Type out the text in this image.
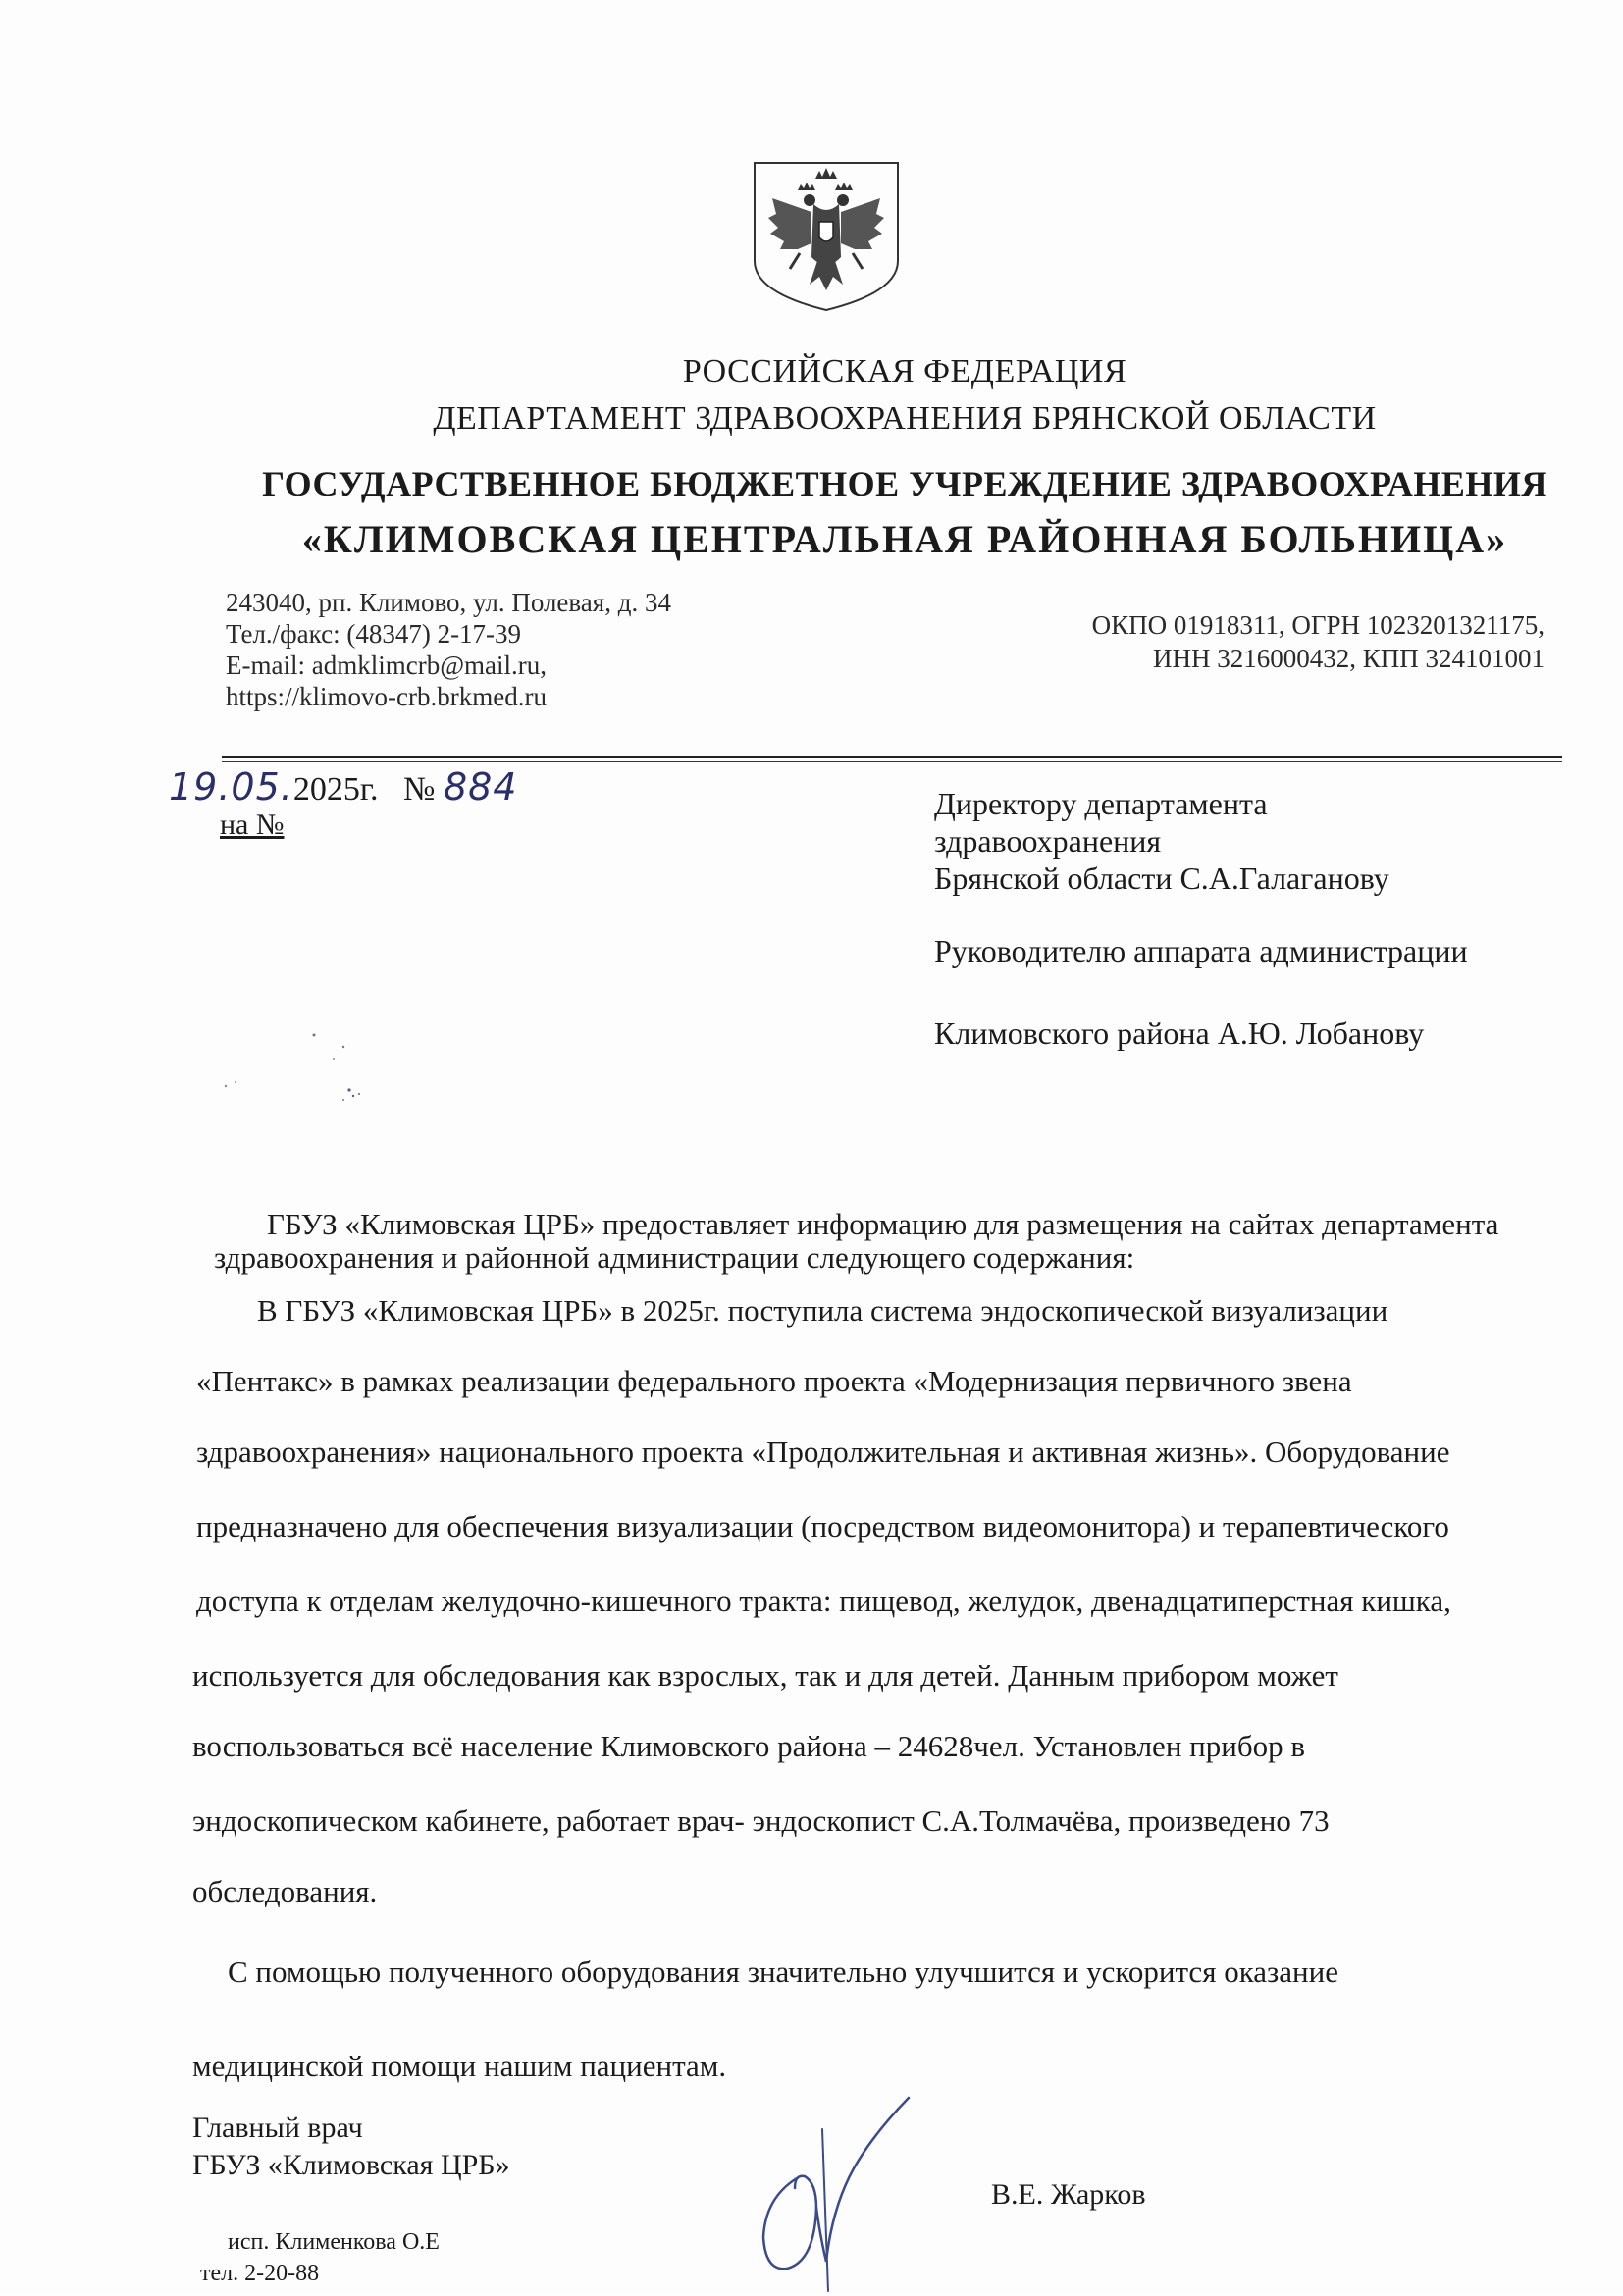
РОССИЙСКАЯ ФЕДЕРАЦИЯ
ДЕПАРТАМЕНТ ЗДРАВООХРАНЕНИЯ БРЯНСКОЙ ОБЛАСТИ
ГОСУДАРСТВЕННОЕ БЮДЖЕТНОЕ УЧРЕЖДЕНИЕ ЗДРАВООХРАНЕНИЯ
«КЛИМОВСКАЯ ЦЕНТРАЛЬНАЯ РАЙОННАЯ БОЛЬНИЦА»
243040, рп. Климово, ул. Полевая, д. 34
Тел./факс: (48347) 2-17-39
E-mail: admklimcrb@mail.ru,
https://klimovo-crb.brkmed.ru
ОКПО 01918311, ОГРН 1023201321175,
ИНН 3216000432, КПП 324101001
19.05.2025г. № 884
на №
Директору департамента
здравоохранения
Брянской области С.А.Галаганову
Руководителю аппарата администрации
Климовского района А.Ю. Лобанову
ГБУЗ «Климовская ЦРБ» предоставляет информацию для размещения на сайтах департамента
здравоохранения и районной администрации следующего содержания:
В ГБУЗ «Климовская ЦРБ» в 2025г. поступила система эндоскопической визуализации
«Пентакс» в рамках реализации федерального проекта «Модернизация первичного звена
здравоохранения» национального проекта «Продолжительная и активная жизнь». Оборудование
предназначено для обеспечения визуализации (посредством видеомонитора) и терапевтического
доступа к отделам желудочно-кишечного тракта: пищевод, желудок, двенадцатиперстная кишка,
используется для обследования как взрослых, так и для детей. Данным прибором может
воспользоваться всё население Климовского района – 24628чел. Установлен прибор в
эндоскопическом кабинете, работает врач- эндоскопист С.А.Толмачёва, произведено 73
обследования.
С помощью полученного оборудования значительно улучшится и ускорится оказание
медицинской помощи нашим пациентам.
Главный врач
ГБУЗ «Климовская ЦРБ»
В.Е. Жарков
исп. Клименкова О.Е
тел. 2-20-88
